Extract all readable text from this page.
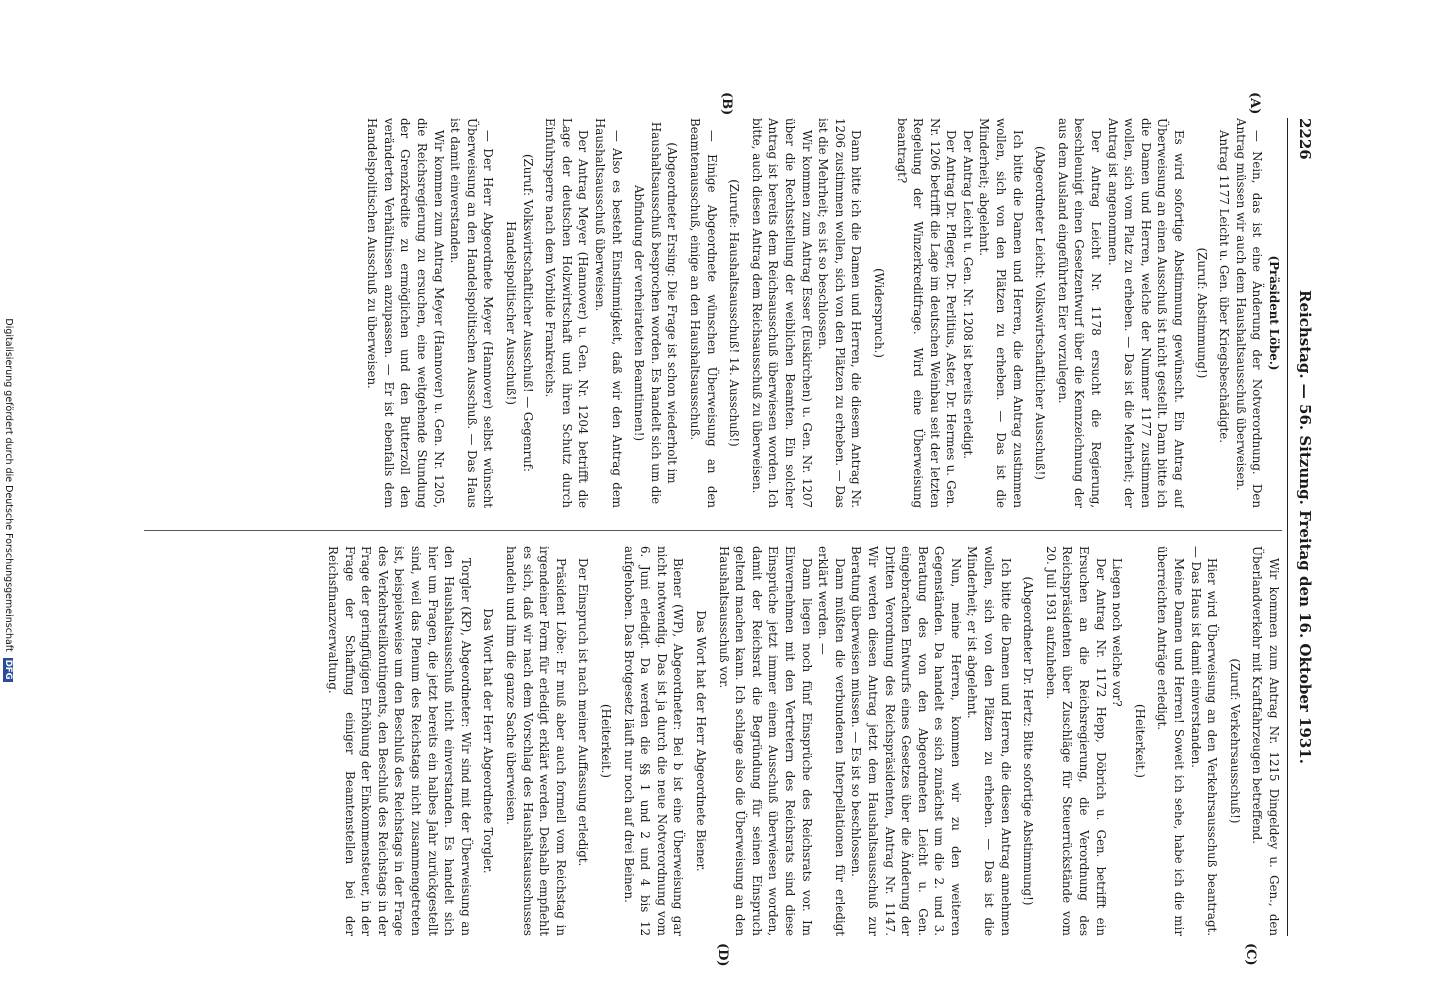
2226
Reichstag. — 56. Sitzung. Freitag den 16. Oktober 1931.
(A)
(B)
(C)
(D)

(Präsident Löbe.)

— Nein, das ist eine Änderung der Notverordnung. Den Antrag müssen wir auch dem Haushaltsausschuß überweisen.

Antrag 1177 Leicht u. Gen. über Kriegsbeschädigte.

(Zuruf: Abstimmung!)

Es wird sofortige Abstimmung gewünscht. Ein Antrag auf Überweisung an einen Ausschuß ist nicht gestellt. Dann bitte ich die Damen und Herren, welche der Nummer 1177 zustimmen wollen, sich vom Platz zu erheben. — Das ist die Mehrheit; der Antrag ist angenommen.

Der Antrag Leicht Nr. 1178 ersucht die Regierung, beschleunigt einen Gesetzentwurf über die Kennzeichnung der aus dem Ausland eingeführten Eier vorzulegen.

(Abgeordneter Leicht: Volkswirtschaftlicher Ausschuß!)

Ich bitte die Damen und Herren, die dem Antrag zustimmen wollen, sich von den Plätzen zu erheben. — Das ist die Minderheit; abgelehnt.

Der Antrag Leicht u. Gen. Nr. 1208 ist bereits erledigt.

Der Antrag Dr. Pfleger, Dr. Perlitius, Aster, Dr. Hermes u. Gen. Nr. 1206 betrifft die Lage im deutschen Weinbau seit der letzten Regelung der Winzerkreditfrage. Wird eine Überweisung beantragt?

(Widerspruch.)

Dann bitte ich die Damen und Herren, die diesem Antrag Nr. 1206 zustimmen wollen, sich von den Plätzen zu erheben. — Das ist die Mehrheit; es ist so beschlossen.

Wir kommen zum Antrag Esser (Euskirchen) u. Gen. Nr. 1207 über die Rechtsstellung der weiblichen Beamten. Ein solcher Antrag ist bereits dem Reichsausschuß überwiesen worden. Ich bitte, auch diesen Antrag dem Reichsausschuß zu überweisen.

(Zurufe: Haushaltsausschuß! 14. Ausschuß!)

— Einige Abgeordnete wünschen Überweisung an den Beamtenausschuß, einige an den Haushaltsausschuß.

(Abgeordneter Ersing: Die Frage ist schon wiederholt im Haushaltsausschuß besprochen worden. Es handelt sich um die Abfindung der verheirateten Beamtinnen!)

— Also es besteht Einstimmigkeit, daß wir den Antrag dem Haushaltsausschuß überweisen.

Der Antrag Meyer (Hannover) u. Gen. Nr. 1204 betrifft die Lage der deutschen Holzwirtschaft und ihren Schutz durch Einfuhrsperre nach dem Vorbilde Frankreichs.

(Zuruf: Volkswirtschaftlicher Ausschuß! — Gegenruf: Handelspolitischer Ausschuß!)

— Der Herr Abgeordnete Meyer (Hannover) selbst wünscht Überweisung an den Handelspolitischen Ausschuß. — Das Haus ist damit einverstanden.

Wir kommen zum Antrag Meyer (Hannover) u. Gen. Nr. 1205, die Reichsregierung zu ersuchen, eine weitgehende Stundung der Grenzkredite zu ermöglichen und den Butterzoll den veränderten Verhältnissen anzupassen. — Er ist ebenfalls dem Handelspolitischen Ausschuß zu überweisen.

Wir kommen zum Antrag Nr. 1215 Dingeldey u. Gen., den Überlandverkehr mit Kraftfahrzeugen betreffend.

(Zuruf: Verkehrsausschuß!)

Hier wird Überweisung an den Verkehrsausschuß beantragt. — Das Haus ist damit einverstanden.

Meine Damen und Herren! Soweit ich sehe, habe ich die mir überreichten Anträge erledigt.

(Heiterkeit.)

Liegen noch welche vor?

Der Antrag Nr. 1172 Hepp, Döbrich u. Gen. betrifft ein Ersuchen an die Reichsregierung, die Verordnung des Reichspräsidenten über Zuschläge für Steuerrückstände vom 20. Juli 1931 aufzuheben.

(Abgeordneter Dr. Hertz: Bitte sofortige Abstimmung!)

Ich bitte die Damen und Herren, die diesen Antrag annehmen wollen, sich von den Plätzen zu erheben. — Das ist die Minderheit; er ist abgelehnt.

Nun, meine Herren, kommen wir zu den weiteren Gegenständen. Da handelt es sich zunächst um die 2. und 3. Beratung des von den Abgeordneten Leicht u. Gen. eingebrachten Entwurfs eines Gesetzes über die Änderung der Dritten Verordnung des Reichspräsidenten, Antrag Nr. 1147. Wir werden diesen Antrag jetzt dem Haushaltsausschuß zur Beratung überweisen müssen. — Es ist so beschlossen.

Dann müßten die verbundenen Interpellationen für erledigt erklärt werden. —

Dann liegen noch fünf Einsprüche des Reichsrats vor. Im Einvernehmen mit den Vertretern des Reichsrats sind diese Einsprüche jetzt immer einem Ausschuß überwiesen worden, damit der Reichsrat die Begründung für seinen Einspruch geltend machen kann. Ich schlage also die Überweisung an den Haushaltsausschuß vor.

Das Wort hat der Herr Abgeordnete Biener.

Biener (WP), Abgeordneter: Bei b ist eine Überweisung gar nicht notwendig. Das ist ja durch die neue Notverordnung vom 6. Juni erledigt. Da werden die §§ 1 und 2 und 4 bis 12 aufgehoben. Das Brotgesetz läuft nur noch auf drei Beinen.

(Heiterkeit.)

Der Einspruch ist nach meiner Auffassung erledigt.

Präsident Löbe: Er muß aber auch formell vom Reichstag in irgendeiner Form für erledigt erklärt werden. Deshalb empfiehlt es sich, daß wir nach dem Vorschlag des Haushaltsausschusses handeln und ihm die ganze Sache überweisen.

Das Wort hat der Herr Abgeordnete Torgler.

Torgler (KP), Abgeordneter: Wir sind mit der Überweisung an den Haushaltsausschuß nicht einverstanden. Es handelt sich hier um Fragen, die jetzt bereits ein halbes Jahr zurückgestellt sind, weil das Plenum des Reichstags nicht zusammengetreten ist, beispielsweise um den Beschluß des Reichstags in der Frage des Verkehrsteilkontingents, den Beschluß des Reichstags in der Frage der geringfügigen Erhöhung der Einkommensteuer, in der Frage der Schaffung einiger Beamtenstellen bei der Reichsfinanzverwaltung.

Digitalisierung gefördert durch die Deutsche Forschungsgemeinschaft DFG
